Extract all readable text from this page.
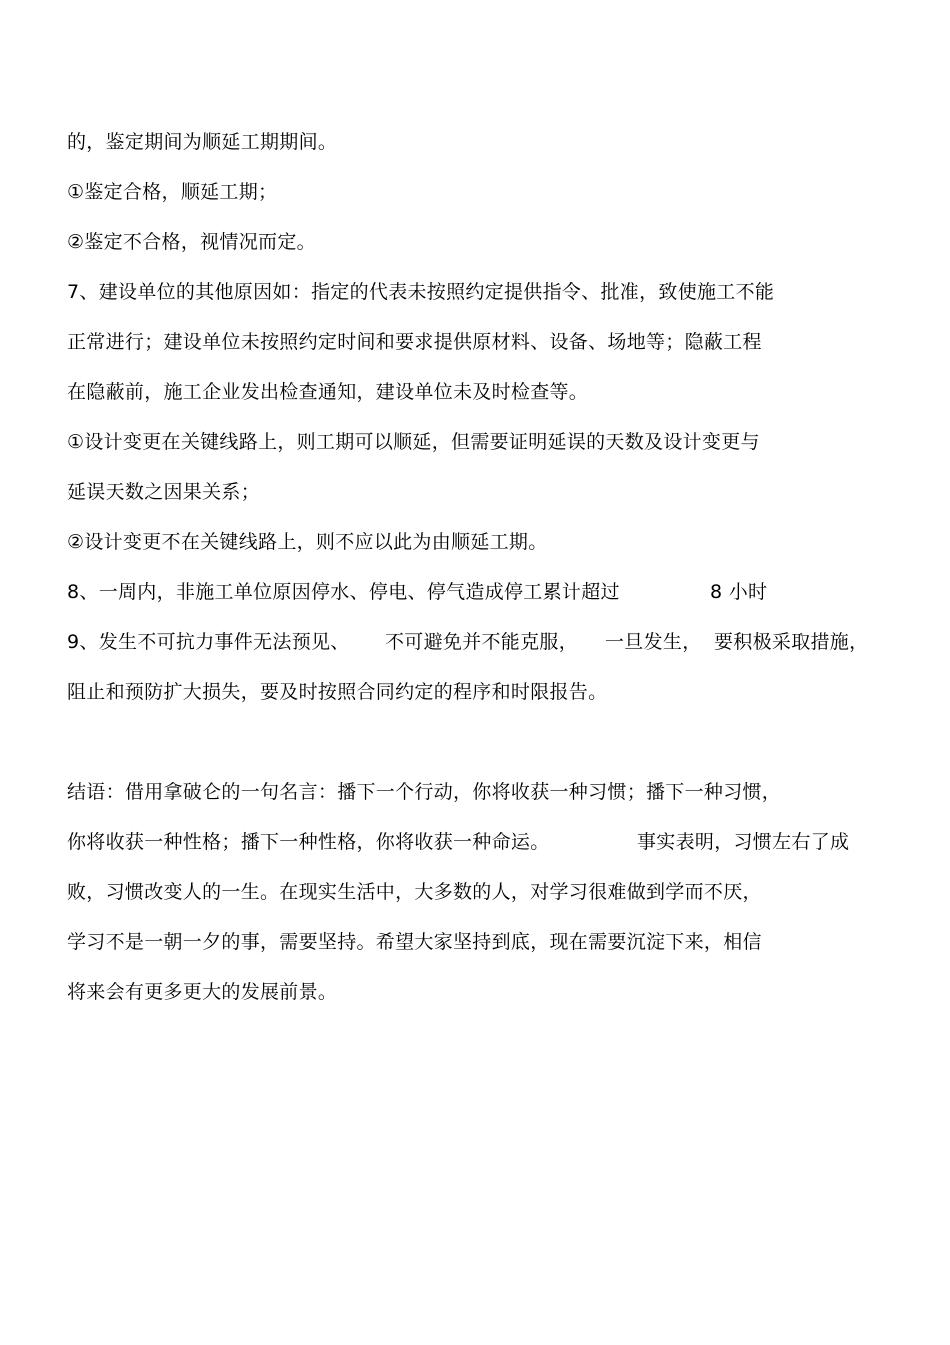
的，鉴定期间为顺延工期期间。
①鉴定合格，顺延工期；
②鉴定不合格，视情况而定。
7、建设单位的其他原因如：指定的代表未按照约定提供指令、批准，致使施工不能
正常进行；建设单位未按照约定时间和要求提供原材料、设备、场地等；隐蔽工程
在隐蔽前，施工企业发出检查通知，建设单位未及时检查等。
①设计变更在关键线路上，则工期可以顺延，但需要证明延误的天数及设计变更与
延误天数之因果关系；
②设计变更不在关键线路上，则不应以此为由顺延工期。
8、一周内，非施工单位原因停水、停电、停气造成停工累计超过	8 小时
9、发生不可抗力事件无法预见、 不可避免并不能克服， 一旦发生， 要积极采取措施，
阻止和预防扩大损失，要及时按照合同约定的程序和时限报告。
结语：借用拿破仑的一句名言：播下一个行动，你将收获一种习惯；播下一种习惯，
你将收获一种性格；播下一种性格，你将收获一种命运。	事实表明，习惯左右了成
败，习惯改变人的一生。在现实生活中，大多数的人，对学习很难做到学而不厌，
学习不是一朝一夕的事，需要坚持。希望大家坚持到底，现在需要沉淀下来，相信
将来会有更多更大的发展前景。
